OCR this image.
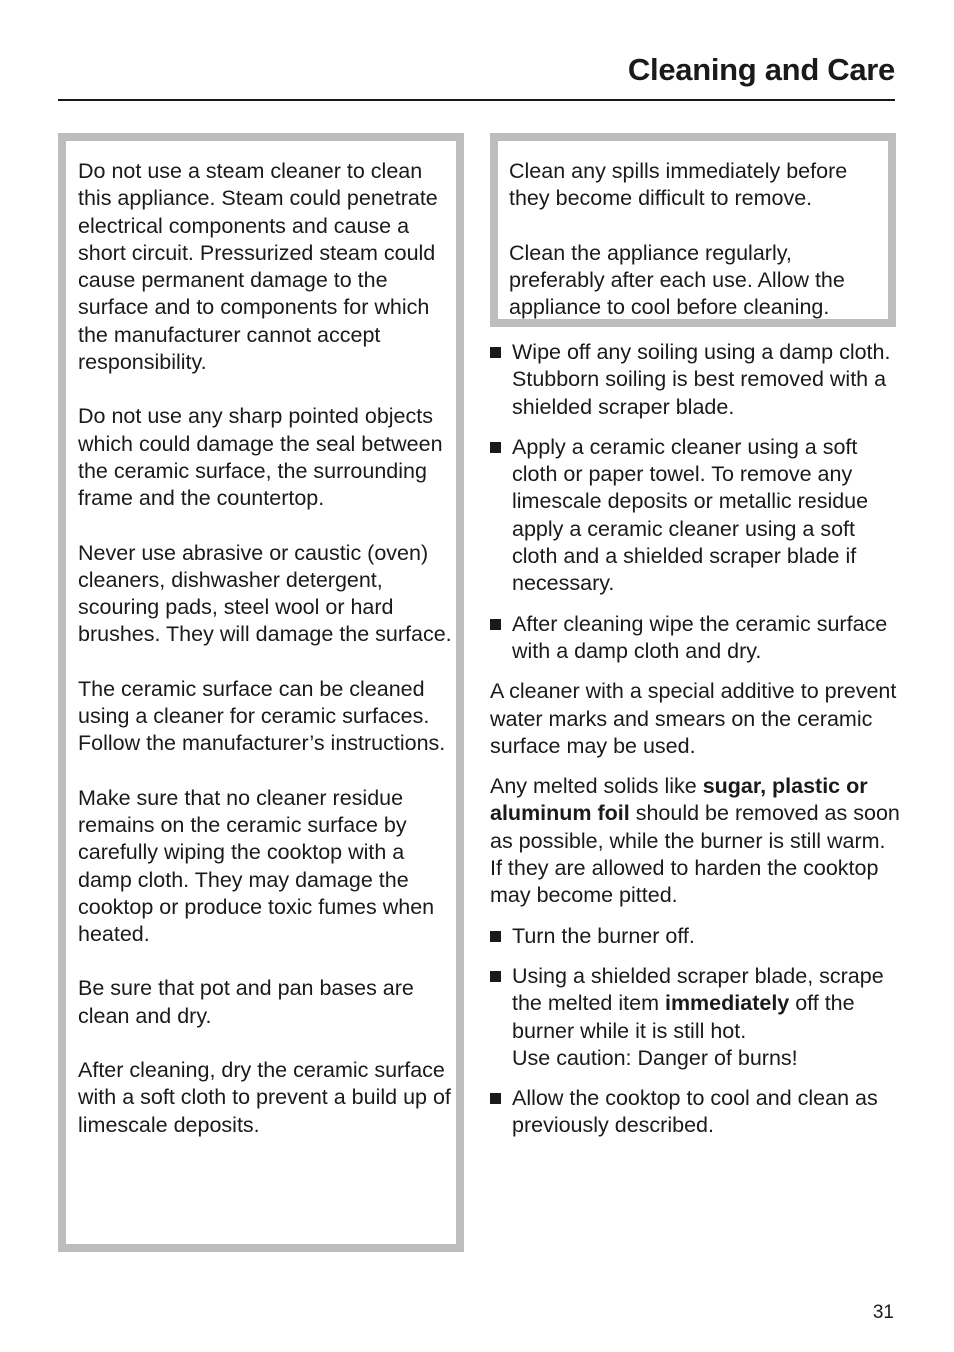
Cleaning and Care

Do not use a steam cleaner to clean this appliance. Steam could penetrate electrical components and cause a short circuit. Pressurized steam could cause permanent damage to the surface and to components for which the manufacturer cannot accept responsibility.

Do not use any sharp pointed objects which could damage the seal between the ceramic surface, the surrounding frame and the countertop.

Never use abrasive or caustic (oven) cleaners, dishwasher detergent, scouring pads, steel wool or hard brushes. They will damage the surface.

The ceramic surface can be cleaned using a cleaner for ceramic surfaces. Follow the manufacturer’s instructions.

Make sure that no cleaner residue remains on the ceramic surface by carefully wiping the cooktop with a damp cloth. They may damage the cooktop or produce toxic fumes when heated.

Be sure that pot and pan bases are clean and dry.

After cleaning, dry the ceramic surface with a soft cloth to prevent a build up of limescale deposits.

Clean any spills immediately before they become difficult to remove.

Clean the appliance regularly, preferably after each use. Allow the appliance to cool before cleaning.

Wipe off any soiling using a damp cloth. Stubborn soiling is best removed with a shielded scraper blade.
Apply a ceramic cleaner using a soft cloth or paper towel. To remove any limescale deposits or metallic residue apply a ceramic cleaner using a soft cloth and a shielded scraper blade if necessary.
After cleaning wipe the ceramic surface with a damp cloth and dry.

A cleaner with a special additive to prevent water marks and smears on the ceramic surface may be used.

Any melted solids like sugar, plastic or aluminum foil should be removed as soon as possible, while the burner is still warm. If they are allowed to harden the cooktop may become pitted.

Turn the burner off.
Using a shielded scraper blade, scrape the melted item immediately off the burner while it is still hot.
Use caution: Danger of burns!
Allow the cooktop to cool and clean as previously described.
31
